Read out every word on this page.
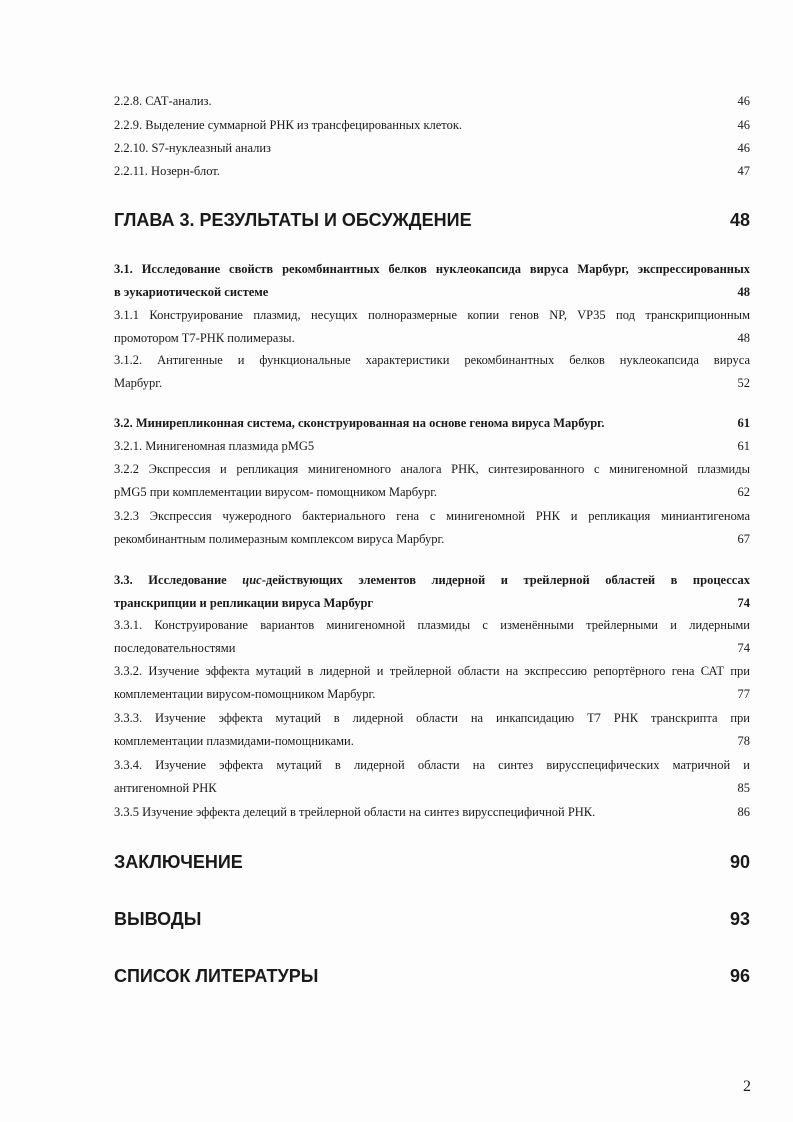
2.2.8. САТ-анализ.	46
2.2.9. Выделение суммарной РНК из трансфецированных клеток.	46
2.2.10. S7-нуклеазный анализ	46
2.2.11. Нозерн-блот.	47
ГЛАВА 3. РЕЗУЛЬТАТЫ И ОБСУЖДЕНИЕ	48
3.1. Исследование свойств рекомбинантных белков нуклеокапсида вируса Марбург, экспрессированных
в эукариотической системе	48
3.1.1 Конструирование плазмид, несущих полноразмерные копии генов NP, VP35 под транскрипционным
промотором Т7-РНК полимеразы.	48
3.1.2. Антигенные и функциональные характеристики рекомбинантных белков нуклеокапсида вируса
Марбург.	52
3.2. Минирепликонная система, сконструированная на основе генома вируса Марбург.	61
3.2.1. Минигеномная плазмида pMG5	61
3.2.2 Экспрессия и репликация минигеномного аналога РНК, синтезированного с минигеномной плазмиды
pMG5 при комплементации вирусом- помощником Марбург.	62
3.2.3 Экспрессия чужеродного бактериального гена с минигеномной РНК и репликация миниантигенома
рекомбинантным полимеразным комплексом вируса Марбург.	67
3.3. Исследование цис-действующих элементов лидерной и трейлерной областей в процессах
транскрипции и репликации вируса Марбург	74
3.3.1. Конструирование вариантов минигеномной плазмиды с изменёнными трейлерными и лидерными
последовательностями	74
3.3.2. Изучение эффекта мутаций в лидерной и трейлерной области на экспрессию репортёрного гена САТ при
комплементации вирусом-помощником Марбург.	77
3.3.3. Изучение эффекта мутаций в лидерной области на инкапсидацию Т7 РНК транскрипта при
комплементации плазмидами-помощниками.	78
3.3.4. Изучение эффекта мутаций в лидерной области на синтез вирусспецифических матричной и
антигеномной РНК	85
3.3.5 Изучение эффекта делеций в трейлерной области на синтез вирусспецифичной РНК.	86
ЗАКЛЮЧЕНИЕ	90
ВЫВОДЫ	93
СПИСОК ЛИТЕРАТУРЫ	96
2
